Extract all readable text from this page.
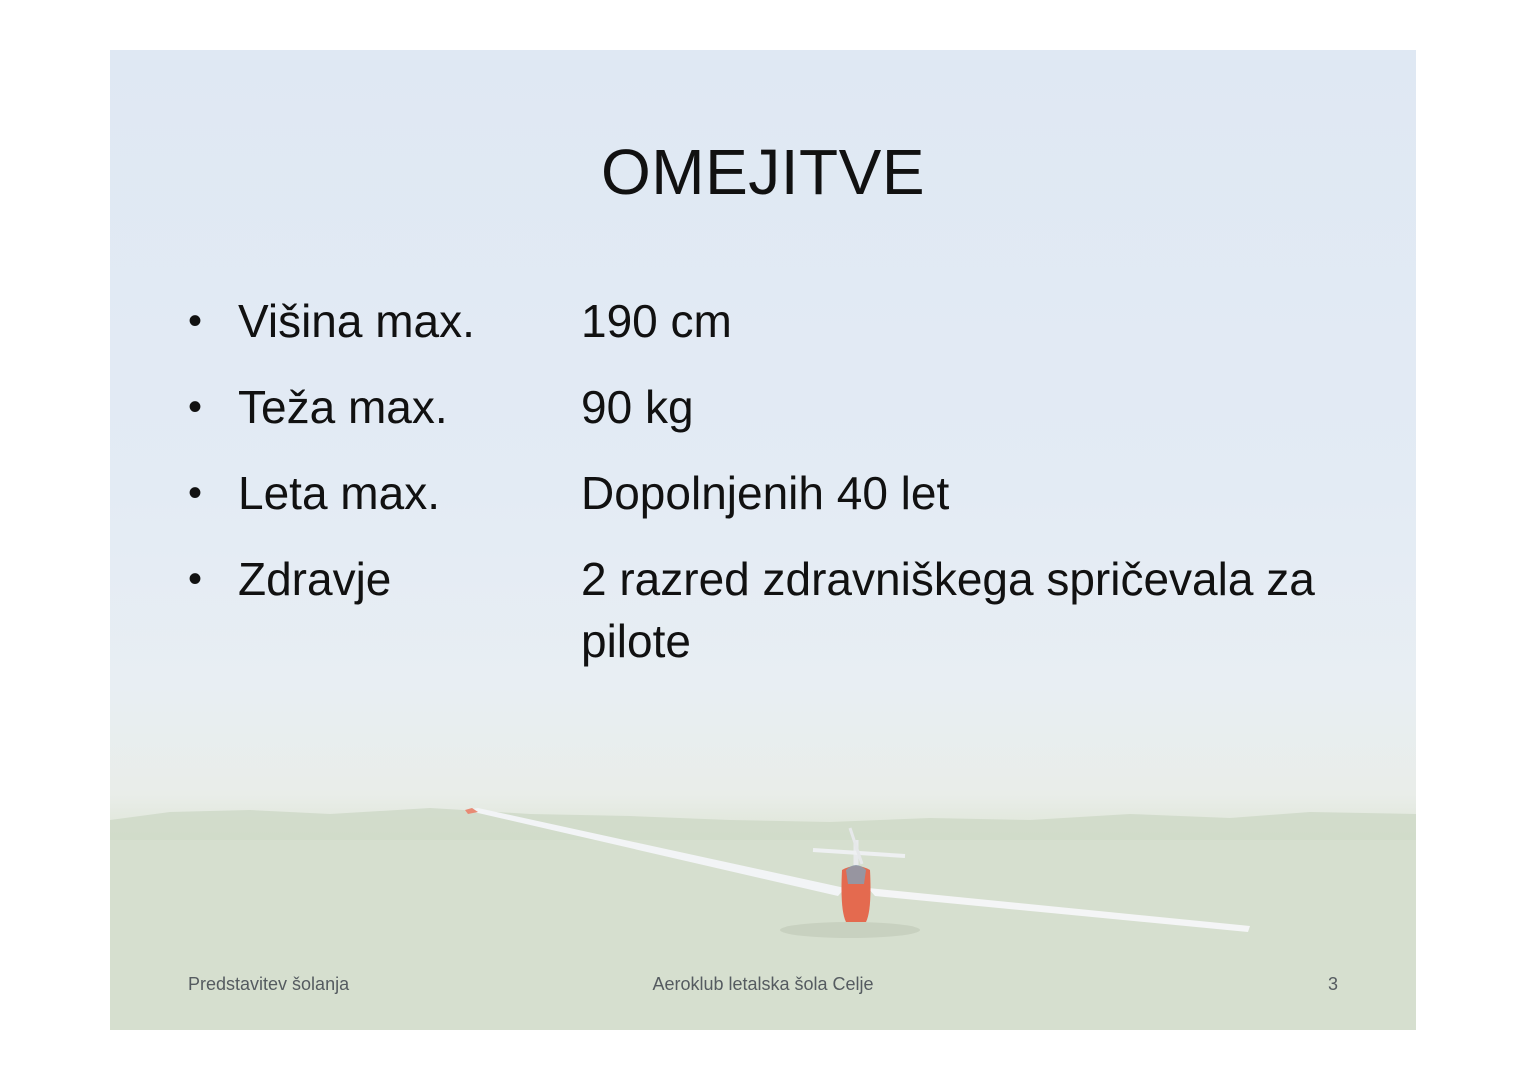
OMEJITVE
• Višina max. 190 cm
• Teža max.	90 kg
• Leta max.	Dopolnjenih 40 let
• Zdravje	2 razred zdravniškega spričevala za pilote
Predstavitev šolanja	Aeroklub letalska šola Celje	3
